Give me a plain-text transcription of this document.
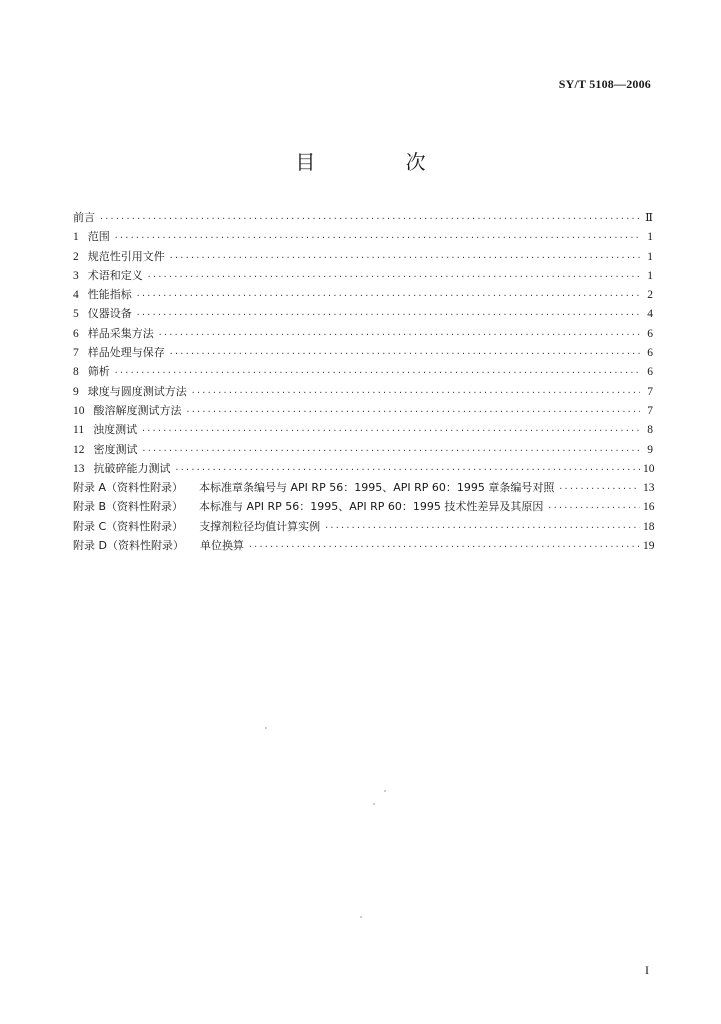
SY/T 5108—2006
目 次
前言 ·····	Ⅱ
1 范围 ·····	1
2 规范性引用文件 ·····	1
3 术语和定义 ·····	1
4 性能指标 ·····	2
5 仪器设备 ·····	4
6 样品采集方法 ·····	6
7 样品处理与保存 ·····	6
8 筛析 ·····	6
9 球度与圆度测试方法 ·····	7
10 酸溶解度测试方法 ·····	7
11 浊度测试 ·····	8
12 密度测试 ·····	9
13 抗破碎能力测试 ·····	10
附录 A（资料性附录） 本标准章条编号与 API RP 56：1995、API RP 60：1995 章条编号对照 ·····	13
附录 B（资料性附录） 本标准与 API RP 56：1995、API RP 60：1995 技术性差异及其原因 ·····	16
附录 C（资料性附录） 支撑剂粒径均值计算实例 ·····	18
附录 D（资料性附录） 单位换算 ·····	19
I
